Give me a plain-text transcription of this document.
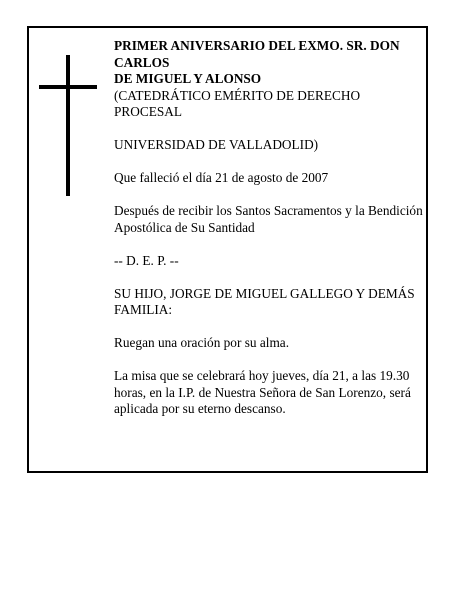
PRIMER ANIVERSARIO DEL EXMO. SR. DON CARLOS

DE MIGUEL Y ALONSO

(CATEDRÁTICO EMÉRITO DE DERECHO PROCESAL

UNIVERSIDAD DE VALLADOLID)

Que falleció el día 21 de agosto de 2007

Después de recibir los Santos Sacramentos y la Bendición Apostólica de Su Santidad

-- D. E. P. --

SU HIJO, JORGE DE MIGUEL GALLEGO Y DEMÁS FAMILIA:

Ruegan una oración por su alma.

La misa que se celebrará hoy jueves, día 21, a las 19.30 horas, en la I.P. de Nuestra Señora de San Lorenzo, será aplicada por su eterno descanso.
